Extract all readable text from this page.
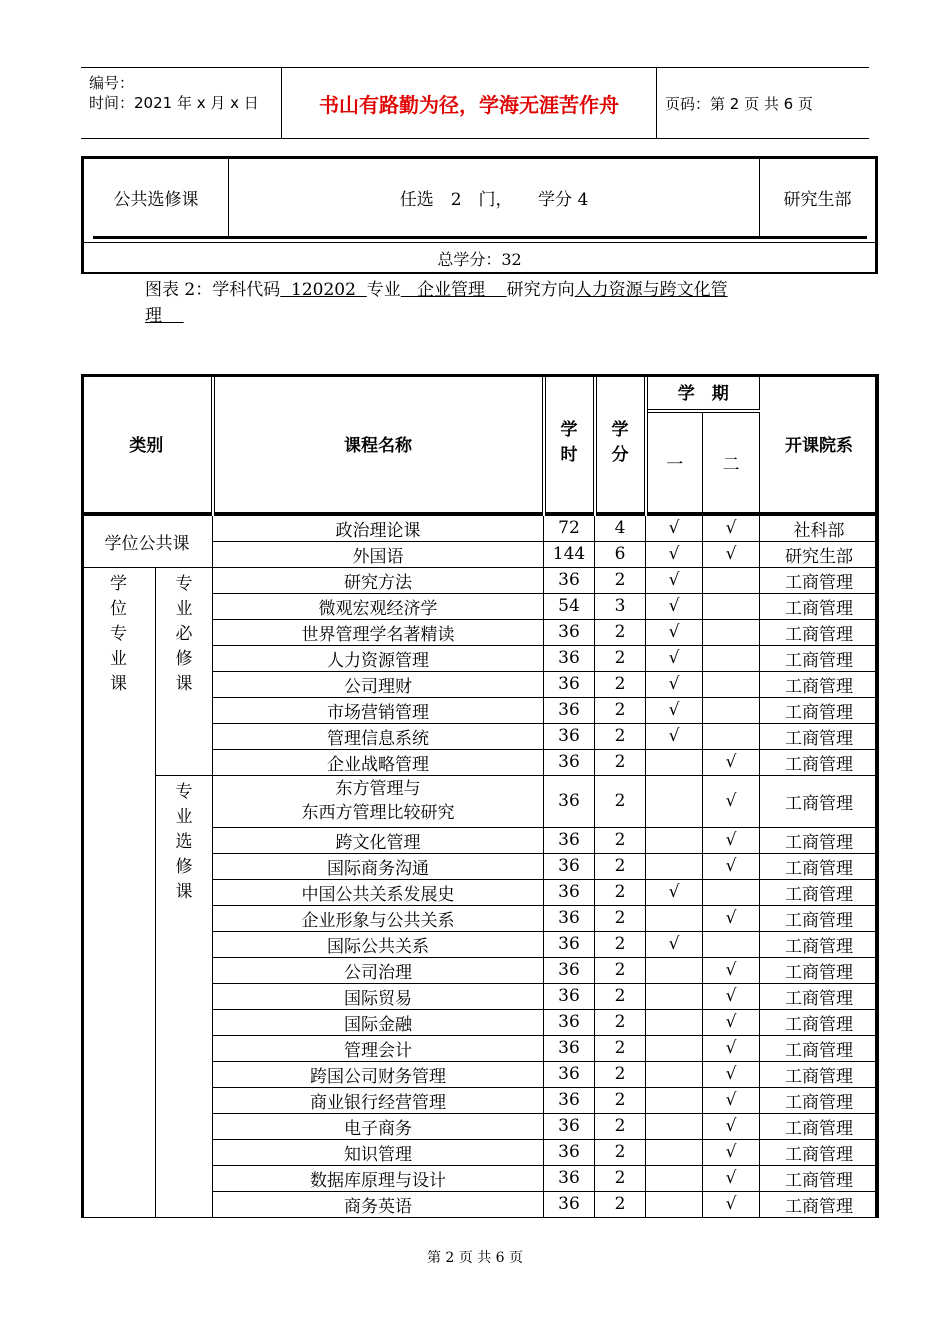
编号：
时间：2021 年 x 月 x 日	书山有路勤为径，学海无涯苦作舟	页码：第 2 页 共 6 页
公共选修课	任选　2　门，　　学分 4	研究生部
总学分：32
图表 2：学科代码  120202  专业   企业管理    研究方向人力资源与跨文化管
理
类别		课程名称	学时	学分	学　期		开课院系
					一	二	
学位公共课		政治理论课	72	4	√	√	社科部
		外国语	144	6	√	√	研究生部
学位专业课	专业必修课	研究方法	36	2	√		工商管理
		微观宏观经济学	54	3	√		工商管理
		世界管理学名著精读	36	2	√		工商管理
		人力资源管理	36	2	√		工商管理
		公司理财	36	2	√		工商管理
		市场营销管理	36	2	√		工商管理
		管理信息系统	36	2	√		工商管理
		企业战略管理	36	2		√	工商管理
	专业选修课	东方管理与
东西方管理比较研究	36	2		√	工商管理
		跨文化管理	36	2		√	工商管理
		国际商务沟通	36	2		√	工商管理
		中国公共关系发展史	36	2	√		工商管理
		企业形象与公共关系	36	2		√	工商管理
		国际公共关系	36	2	√		工商管理
		公司治理	36	2		√	工商管理
		国际贸易	36	2		√	工商管理
		国际金融	36	2		√	工商管理
		管理会计	36	2		√	工商管理
		跨国公司财务管理	36	2		√	工商管理
		商业银行经营管理	36	2		√	工商管理
		电子商务	36	2		√	工商管理
		知识管理	36	2		√	工商管理
		数据库原理与设计	36	2		√	工商管理
		商务英语	36	2		√	工商管理
第 2 页 共 6 页
